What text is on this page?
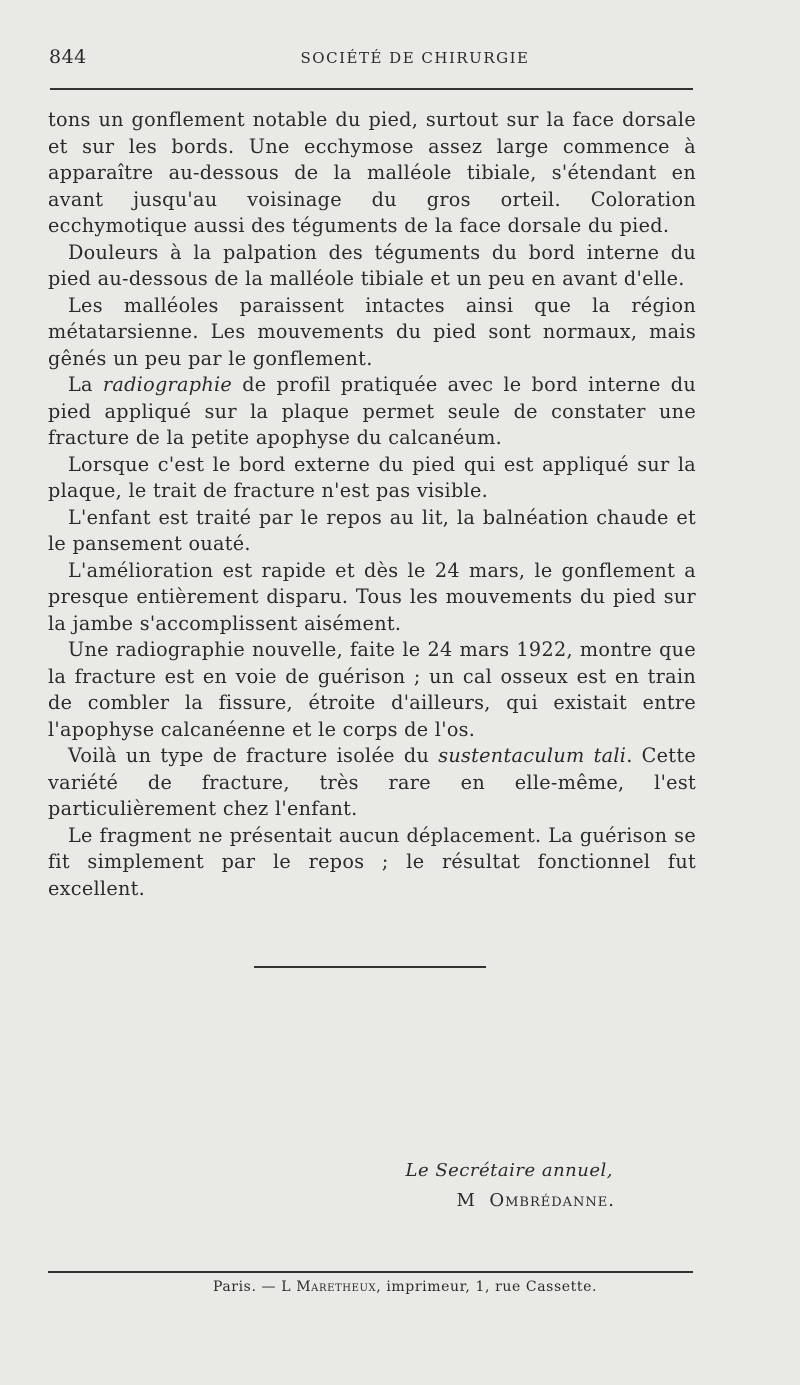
844	SOCIÉTÉ DE CHIRURGIE

tons un gonflement notable du pied, surtout sur la face dorsale et sur les bords. Une ecchymose assez large commence à apparaître au-dessous de la malléole tibiale, s'étendant en avant jusqu'au voisinage du gros orteil. Coloration ecchymotique aussi des téguments de la face dorsale du pied.

Douleurs à la palpation des téguments du bord interne du pied au-dessous de la malléole tibiale et un peu en avant d'elle.

Les malléoles paraissent intactes ainsi que la région métatarsienne. Les mouvements du pied sont normaux, mais gênés un peu par le gonflement.

La radiographie de profil pratiquée avec le bord interne du pied appliqué sur la plaque permet seule de constater une fracture de la petite apophyse du calcanéum.

Lorsque c'est le bord externe du pied qui est appliqué sur la plaque, le trait de fracture n'est pas visible.

L'enfant est traité par le repos au lit, la balnéation chaude et le pansement ouaté.

L'amélioration est rapide et dès le 24 mars, le gonflement a presque entièrement disparu. Tous les mouvements du pied sur la jambe s'accomplissent aisément.

Une radiographie nouvelle, faite le 24 mars 1922, montre que la fracture est en voie de guérison ; un cal osseux est en train de combler la fissure, étroite d'ailleurs, qui existait entre l'apophyse calcanéenne et le corps de l'os.

Voilà un type de fracture isolée du sustentaculum tali. Cette variété de fracture, très rare en elle-même, l'est particulièrement chez l'enfant.

Le fragment ne présentait aucun déplacement. La guérison se fit simplement par le repos ; le résultat fonctionnel fut excellent.

Le Secrétaire annuel,
M Ombrédanne.
Paris. — L Maretheux, imprimeur, 1, rue Cassette.
